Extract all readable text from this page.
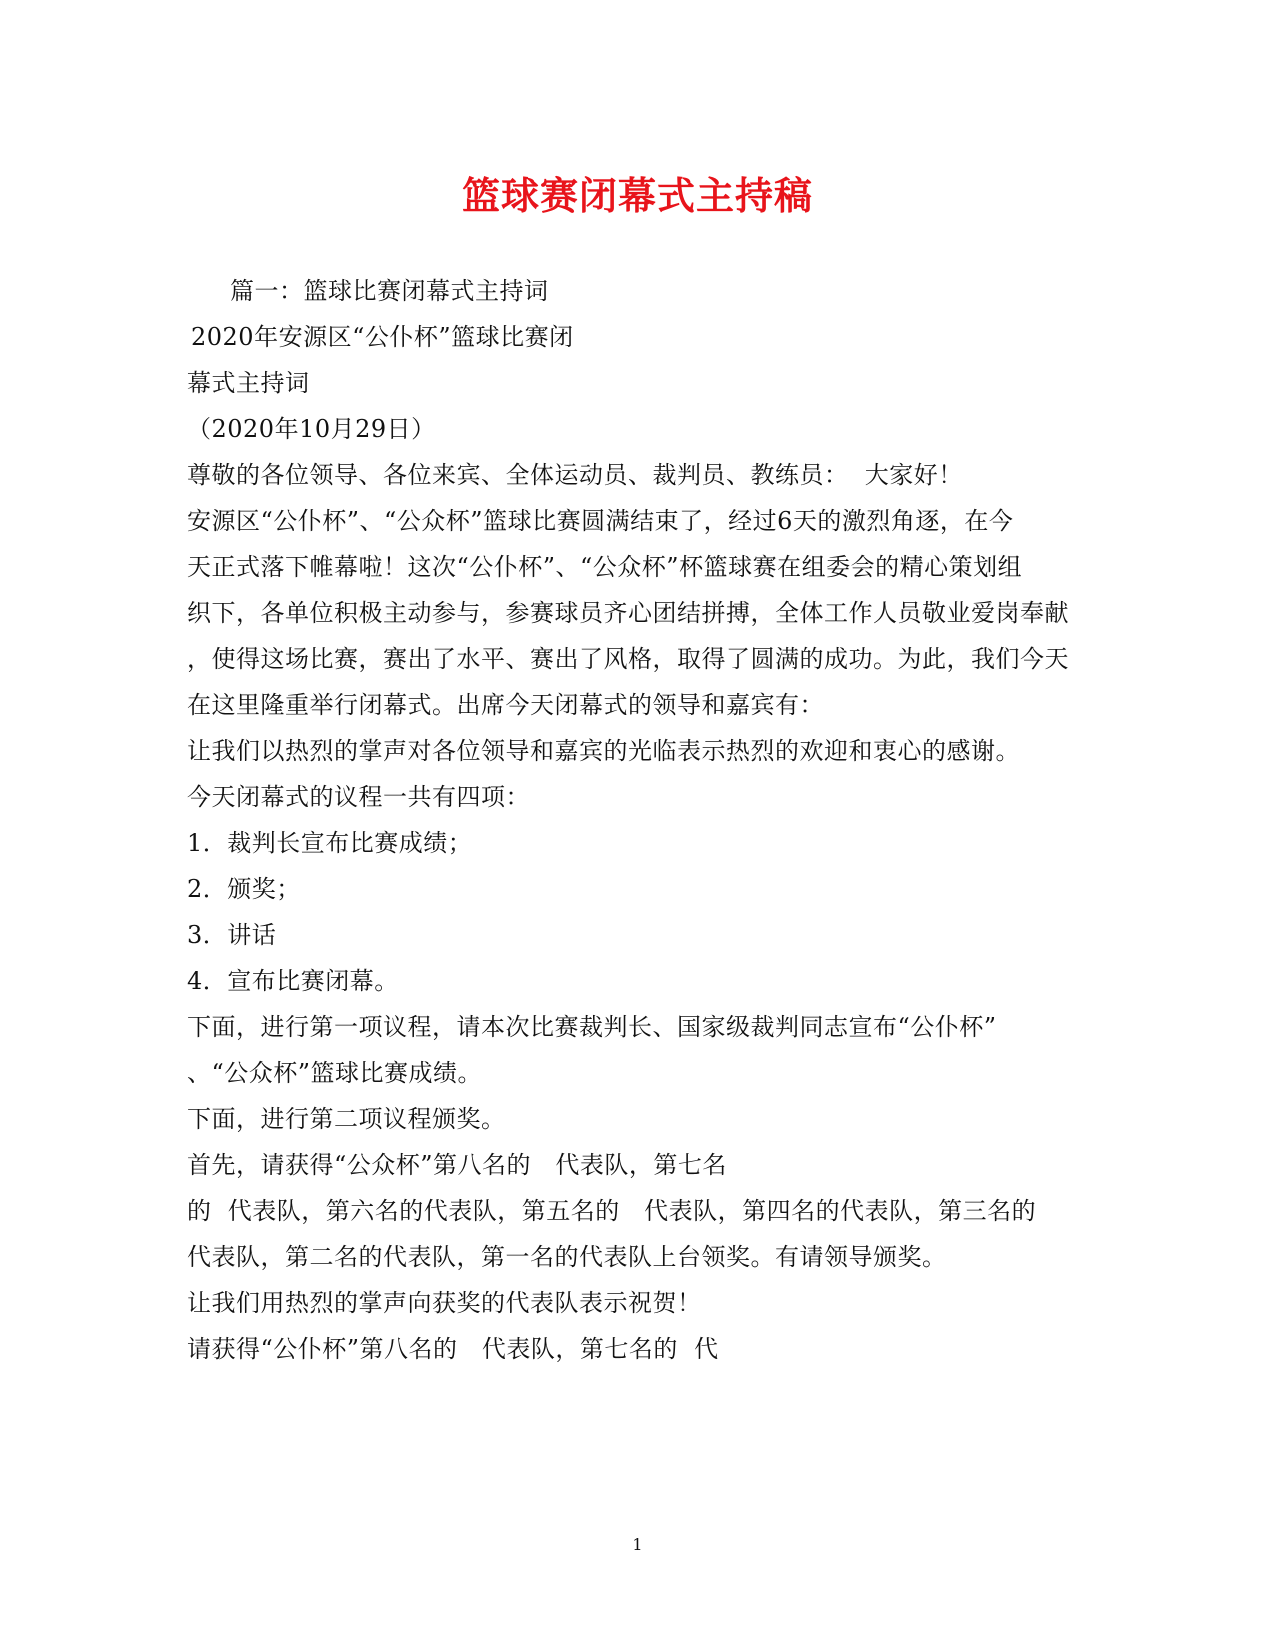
篮球赛闭幕式主持稿
篇一：篮球比赛闭幕式主持词
2020年安源区“公仆杯”篮球比赛闭
幕式主持词
（2020年10月29日）
尊敬的各位领导、各位来宾、全体运动员、裁判员、教练员：  大家好！
安源区“公仆杯”、“公众杯”篮球比赛圆满结束了，经过6天的激烈角逐，在今
天正式落下帷幕啦！这次“公仆杯”、“公众杯”杯篮球赛在组委会的精心策划组
织下，各单位积极主动参与，参赛球员齐心团结拼搏，全体工作人员敬业爱岗奉献
，使得这场比赛，赛出了水平、赛出了风格，取得了圆满的成功。为此，我们今天
在这里隆重举行闭幕式。出席今天闭幕式的领导和嘉宾有：
让我们以热烈的掌声对各位领导和嘉宾的光临表示热烈的欢迎和衷心的感谢。
今天闭幕式的议程一共有四项：
1．裁判长宣布比赛成绩；
2．颁奖；
3．讲话
4．宣布比赛闭幕。
下面，进行第一项议程，请本次比赛裁判长、国家级裁判同志宣布“公仆杯”
、“公众杯”篮球比赛成绩。
下面，进行第二项议程颁奖。
首先，请获得“公众杯”第八名的   代表队，第七名
的  代表队，第六名的代表队，第五名的   代表队，第四名的代表队，第三名的
代表队，第二名的代表队，第一名的代表队上台领奖。有请领导颁奖。
让我们用热烈的掌声向获奖的代表队表示祝贺！
请获得“公仆杯”第八名的   代表队，第七名的  代
1
